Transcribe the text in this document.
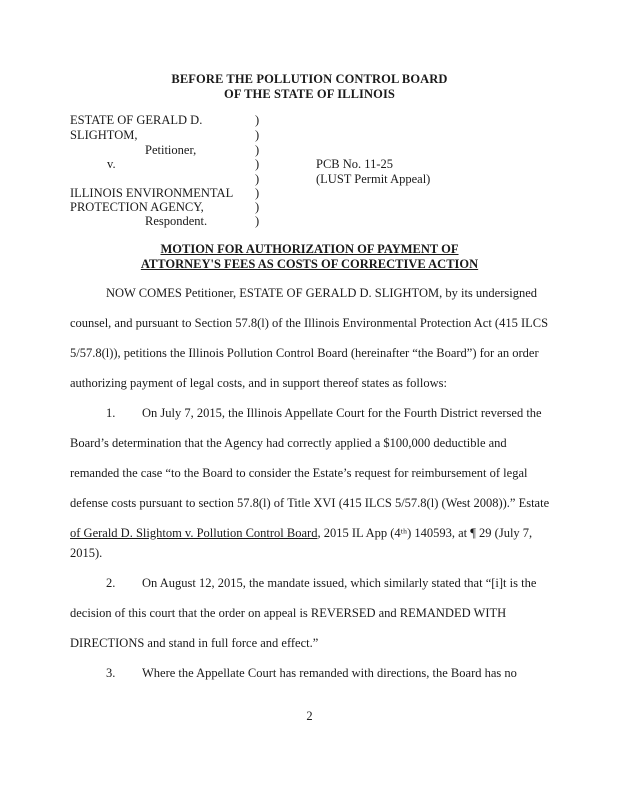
BEFORE THE POLLUTION CONTROL BOARD
OF THE STATE OF ILLINOIS
ESTATE OF GERALD D.
SLIGHTOM,
Petitioner,
v.
ILLINOIS ENVIRONMENTAL
PROTECTION AGENCY,
Respondent.
)
)
)
)
)
)
)
)
PCB No. 11-25
(LUST Permit Appeal)
MOTION FOR AUTHORIZATION OF PAYMENT OF
ATTORNEY'S FEES AS COSTS OF CORRECTIVE ACTION
NOW COMES Petitioner, ESTATE OF GERALD D. SLIGHTOM, by its undersigned
counsel, and pursuant to Section 57.8(l) of the Illinois Environmental Protection Act (415 ILCS
5/57.8(l)), petitions the Illinois Pollution Control Board (hereinafter “the Board”) for an order
authorizing payment of legal costs, and in support thereof states as follows:
1. On July 7, 2015, the Illinois Appellate Court for the Fourth District reversed the
Board’s determination that the Agency had correctly applied a $100,000 deductible and
remanded the case “to the Board to consider the Estate’s request for reimbursement of legal
defense costs pursuant to section 57.8(l) of Title XVI (415 ILCS 5/57.8(l) (West 2008)).” Estate
of Gerald D. Slightom v. Pollution Control Board, 2015 IL App (4ᵗʰ) 140593, at ¶ 29 (July 7,
2015).
2. On August 12, 2015, the mandate issued, which similarly stated that “[i]t is the
decision of this court that the order on appeal is REVERSED and REMANDED WITH
DIRECTIONS and stand in full force and effect.”
3. Where the Appellate Court has remanded with directions, the Board has no
2
